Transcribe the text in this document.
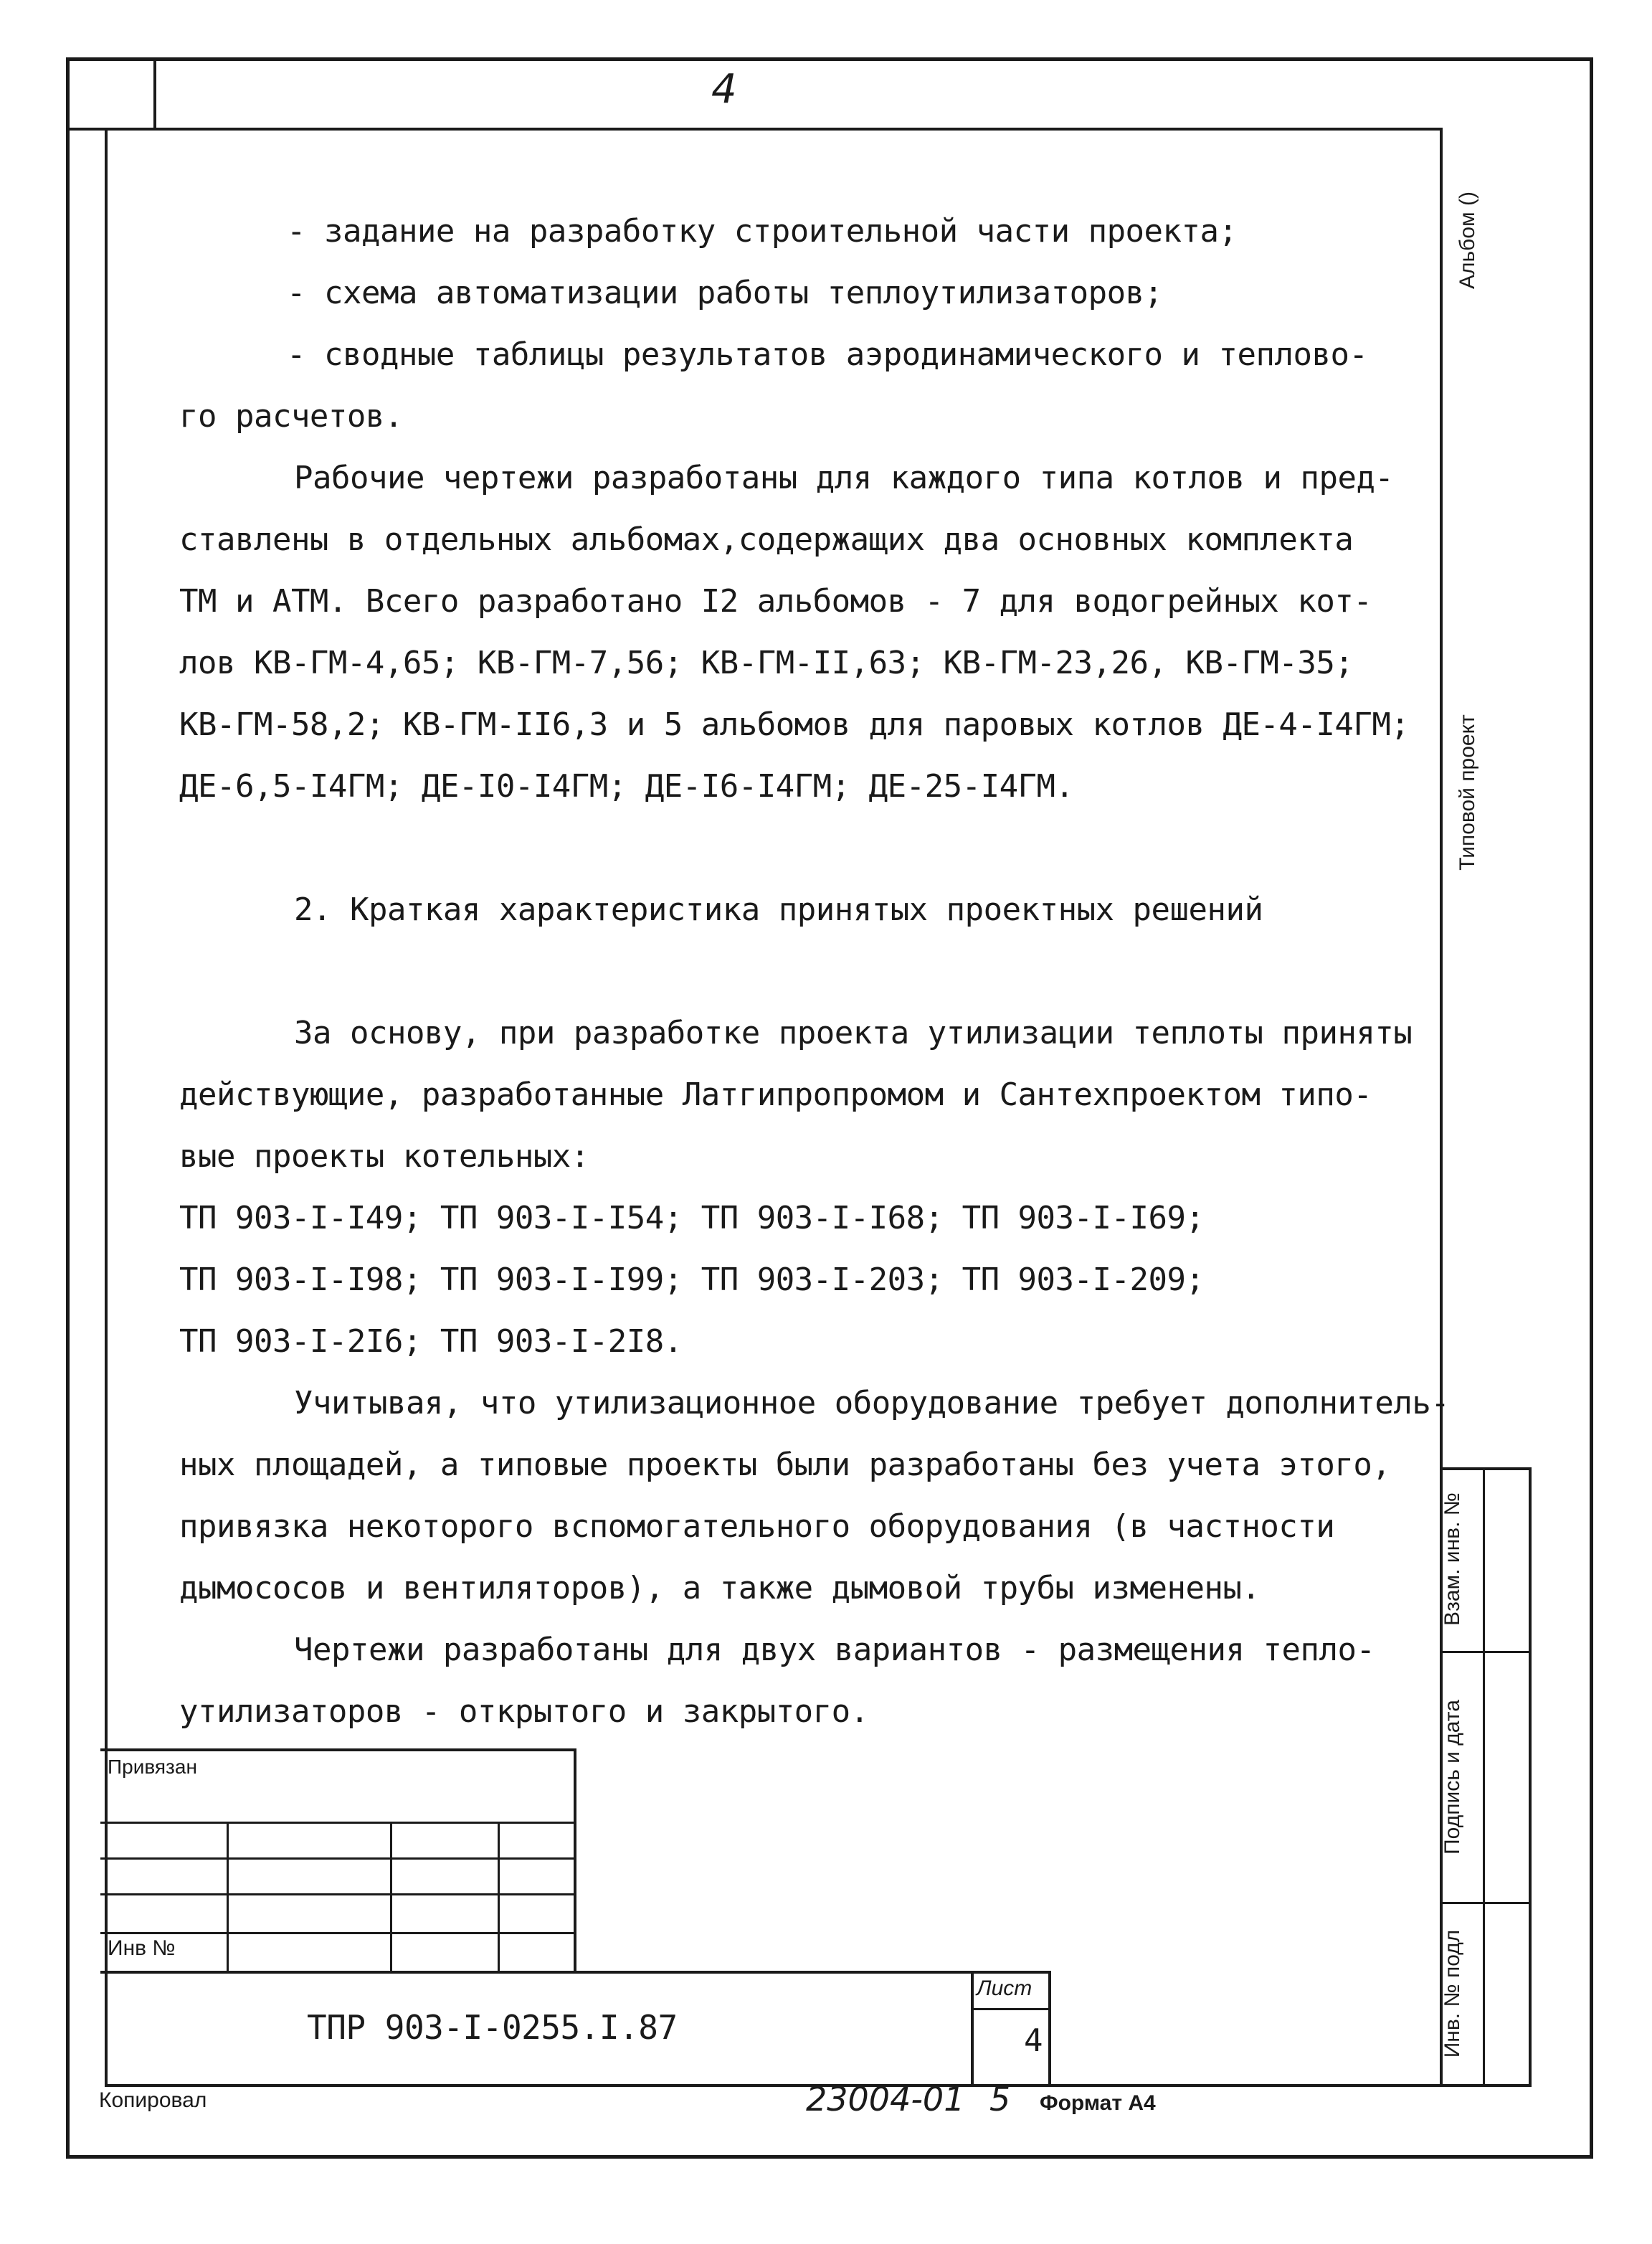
4
Альбом ()
Типовой проект
Взам. инв. №
Подпись и дата
Инв. № подл

- задание на разработку строительной части проекта;

- схема автоматизации работы теплоутилизаторов;

- сводные таблицы результатов аэродинамического и теплово-

го расчетов.

Рабочие чертежи разработаны для каждого типа котлов и пред-

ставлены в отдельных альбомах,содержащих два основных комплекта

ТМ и АТМ. Всего разработано I2 альбомов - 7 для водогрейных кот-

лов КВ-ГМ-4,65; КВ-ГМ-7,56; КВ-ГМ-II,63; КВ-ГМ-23,26, КВ-ГМ-35;

КВ-ГМ-58,2; КВ-ГМ-II6,3 и 5 альбомов для паровых котлов ДЕ-4-I4ГМ;

ДЕ-6,5-I4ГМ; ДЕ-I0-I4ГМ; ДЕ-I6-I4ГМ; ДЕ-25-I4ГМ.

2. Краткая характеристика принятых проектных решений

За основу, при разработке проекта утилизации теплоты приняты

действующие, разработанные Латгипропромом и Сантехпроектом типо-

вые проекты котельных:

ТП 903-I-I49; ТП 903-I-I54; ТП 903-I-I68; ТП 903-I-I69;

ТП 903-I-I98; ТП 903-I-I99; ТП 903-I-203; ТП 903-I-209;

ТП 903-I-2I6; ТП 903-I-2I8.

Учитывая, что утилизационное оборудование требует дополнитель-

ных площадей, а типовые проекты были разработаны без учета этого,

привязка некоторого вспомогательного оборудования (в частности

дымососов и вентиляторов), а также дымовой трубы изменены.

Чертежи разработаны для двух вариантов - размещения тепло-

утилизаторов - открытого и закрытого.

Привязан
Инв №
ТПР 903-I-0255.I.87
Лист
4
Копировал	23004-01 5 Формат А4
